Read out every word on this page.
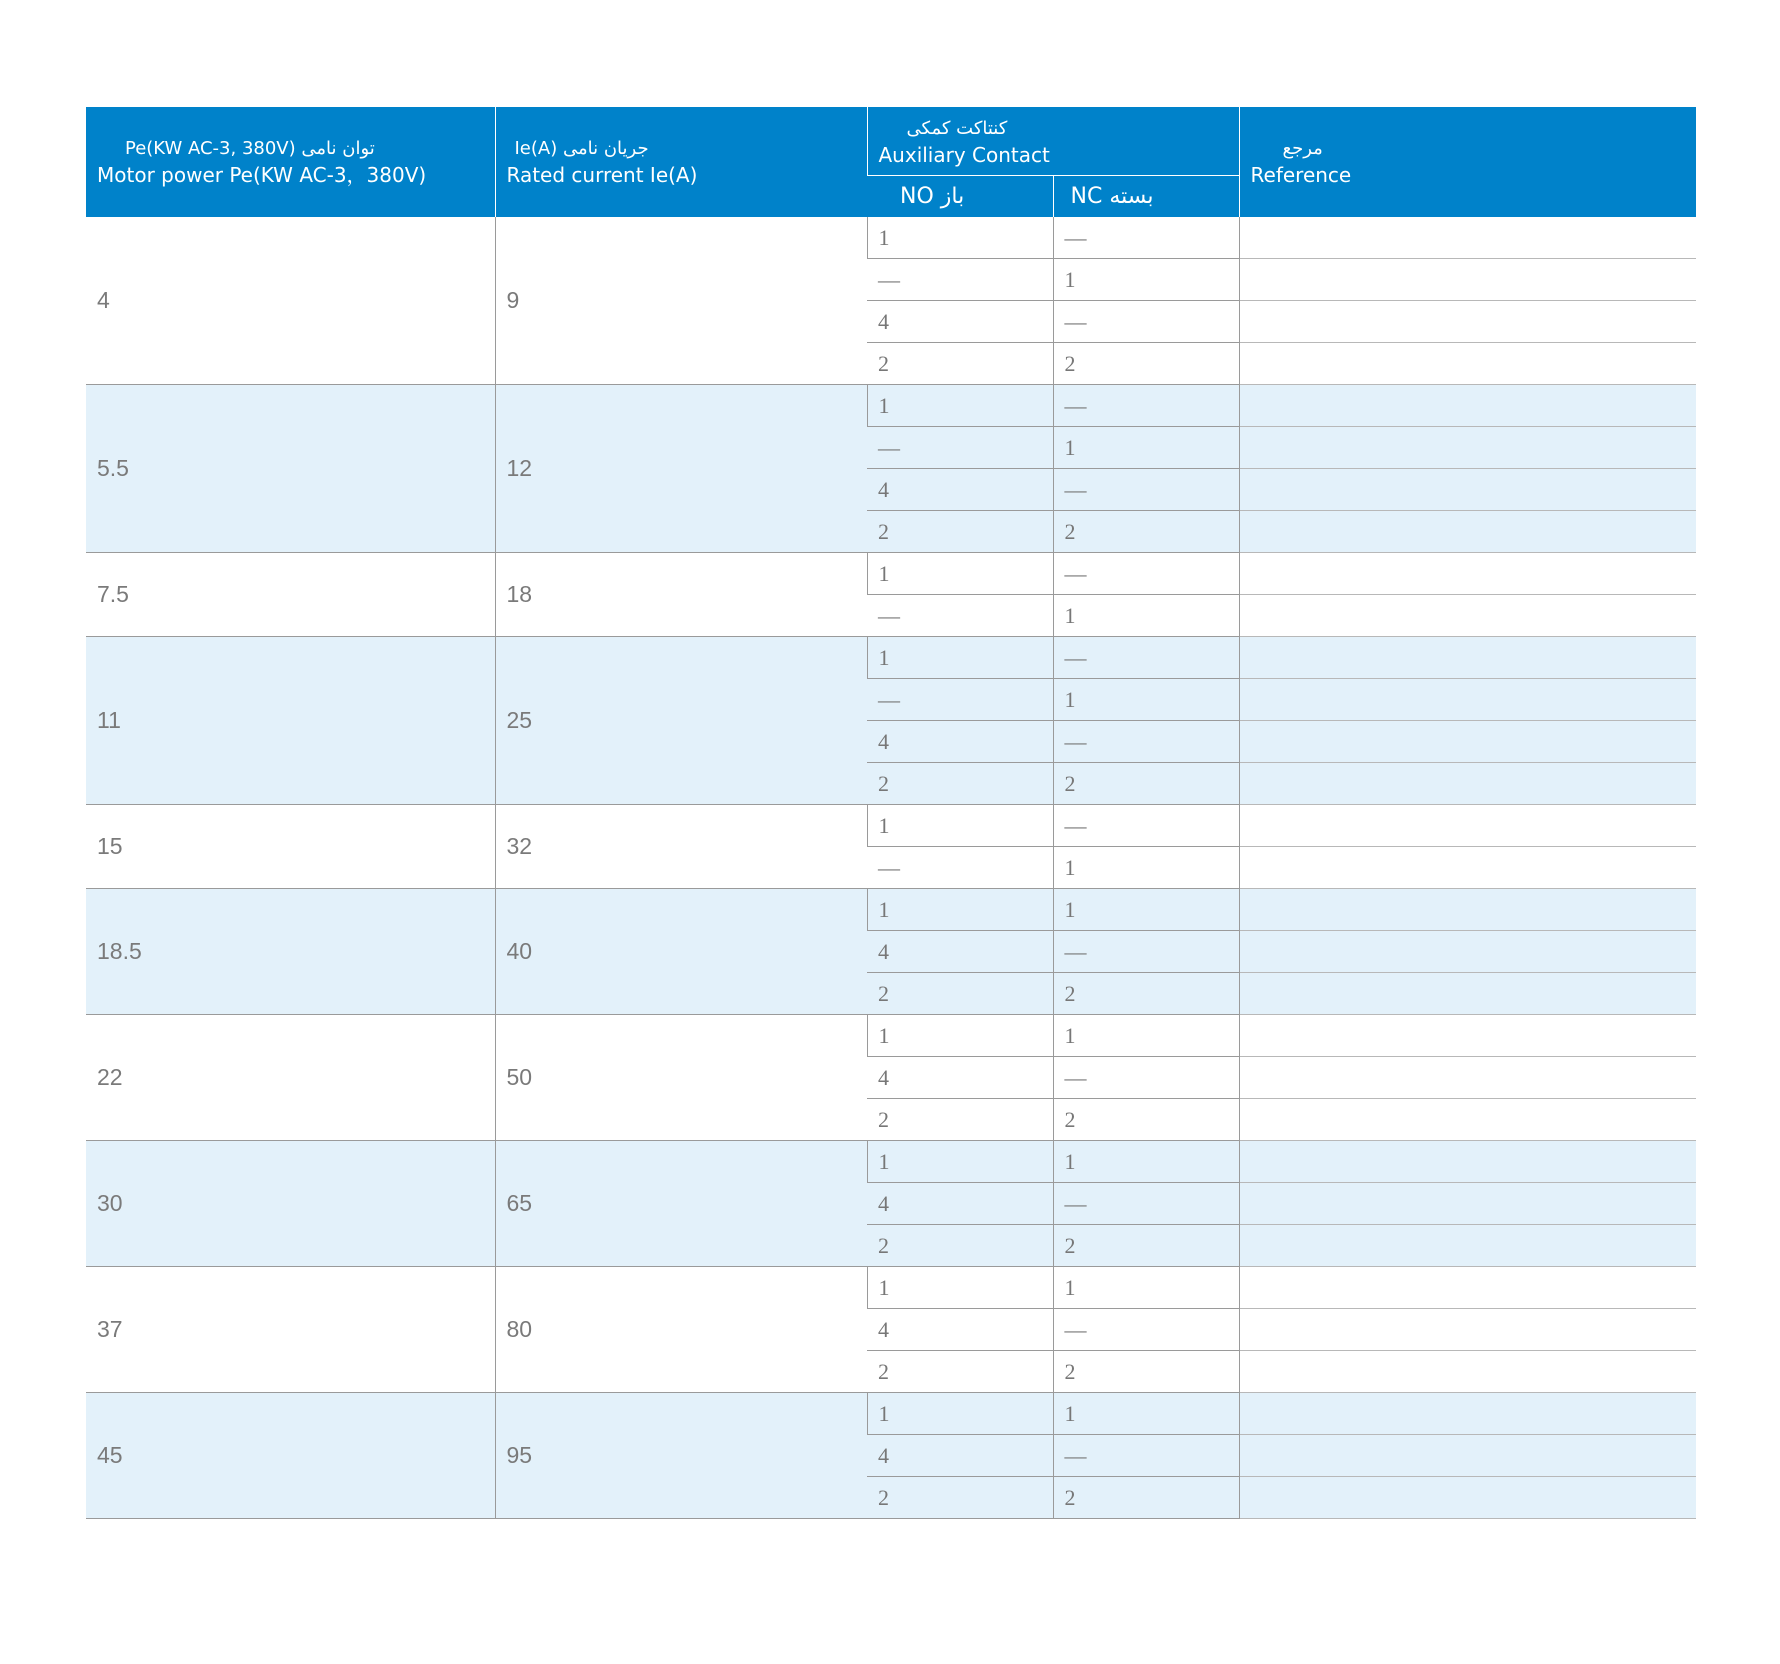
توان نامی Pe(KW AC-3, 380V)
Motor power Pe(KW AC-3，380V)	جریان نامی Ie(A)
Rated current Ie(A)	کنتاکت کمکی
Auxiliary Contact		مرجع
Reference

		باز NO	بسته NC	
4	9	1	—	
		—	1	
		4	—	
		2	2	
5.5	12	1	—	
		—	1	
		4	—	
		2	2	
7.5	18	1	—	
		—	1	
11	25	1	—	
		—	1	
		4	—	
		2	2	
15	32	1	—	
		—	1	
18.5	40	1	1	
		4	—	
		2	2	
22	50	1	1	
		4	—	
		2	2	
30	65	1	1	
		4	—	
		2	2	
37	80	1	1	
		4	—	
		2	2	
45	95	1	1	
		4	—	
		2	2	
